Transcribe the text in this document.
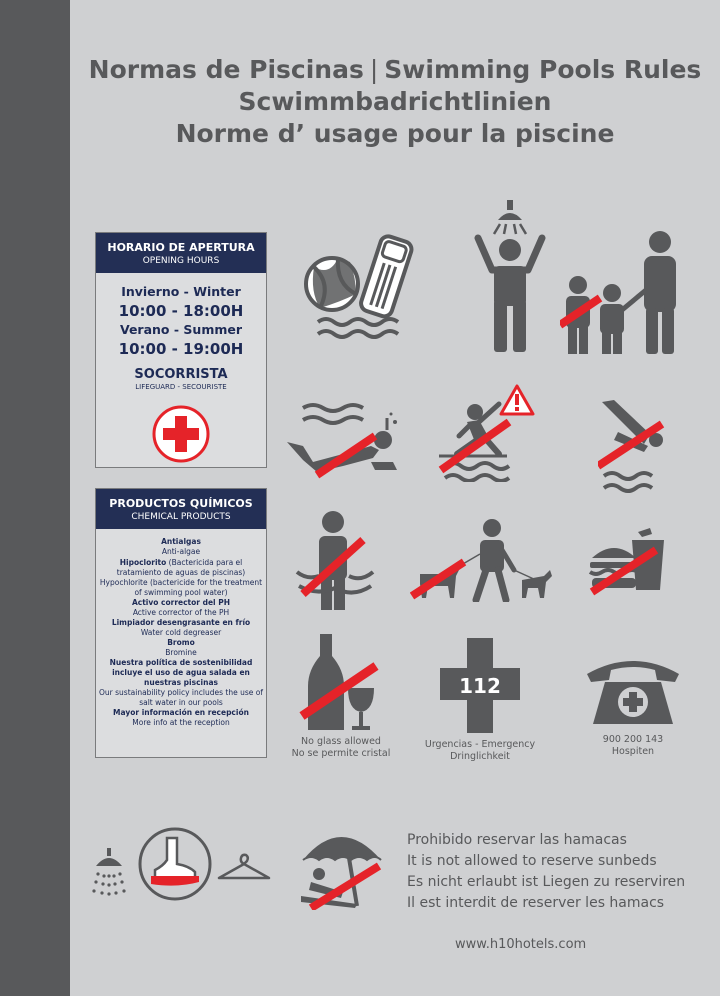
Normas de Piscinas | Swimming Pools Rules
Scwimmbadrichtlinien
Norme d’ usage pour la piscine
HORARIO DE APERTURA
OPENING HOURS
Invierno - Winter
10:00 - 18:00H
Verano - Summer
10:00 - 19:00H
SOCORRISTA
LIFEGUARD - SECOURISTE
PRODUCTOS QUÍMICOS
CHEMICAL PRODUCTS
Antialgas
Anti-algae
Hipoclorito (Bactericida para el tratamiento de aguas de piscinas)
Hypochlorite (bactericide for the treatment of swimming pool water)
Activo corrector del PH
Active corrector of the PH
Limpiador desengrasante en frío
Water cold degreaser
Bromo
Bromine
Nuestra política de sostenibilidad incluye el uso de agua salada en nuestras piscinas
Our sustainability policy includes the use of salt water in our pools
Mayor información en recepción
More info at the reception
No glass allowed
No se permite cristal
112
Urgencias - Emergency
Dringlichkeit
900 200 143
Hospiten
Prohibido reservar las hamacas
It is not allowed to reserve sunbeds
Es nicht erlaubt ist Liegen zu reserviren
Il est interdit de reserver les hamacs
www.h10hotels.com
